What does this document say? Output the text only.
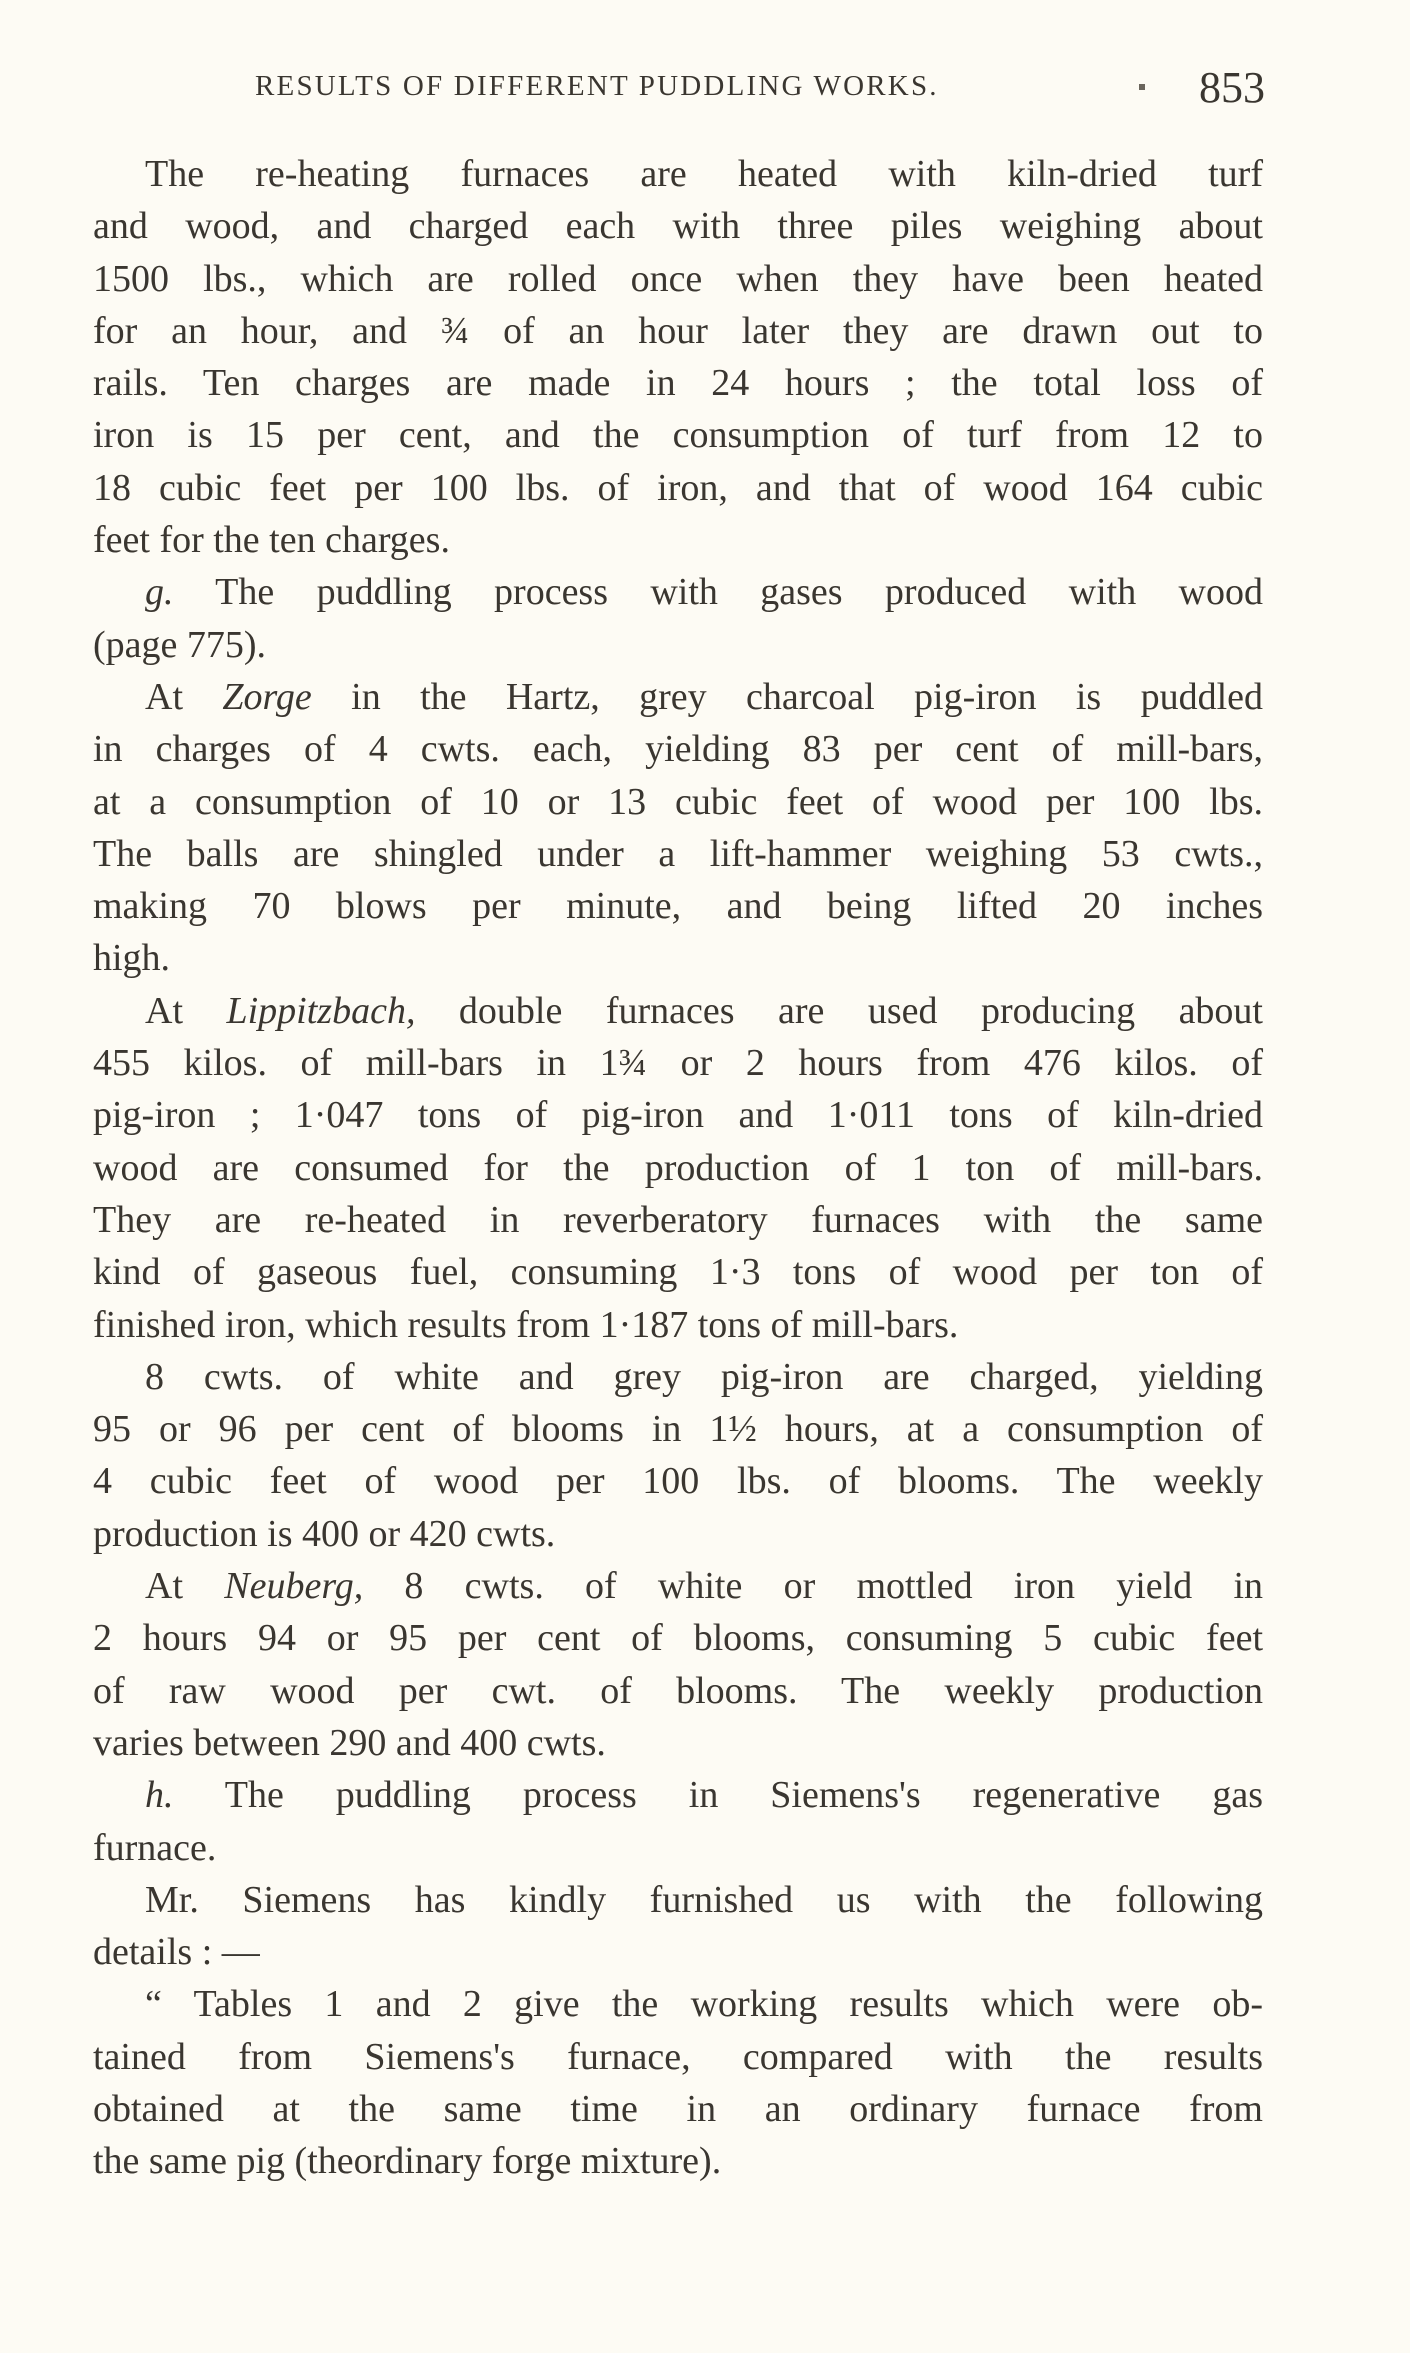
RESULTS OF DIFFERENT PUDDLING WORKS.	853
The re-heating furnaces are heated with kiln-dried turf
and wood, and charged each with three piles weighing about
1500 lbs., which are rolled once when they have been heated
for an hour, and ¾ of an hour later they are drawn out to
rails. Ten charges are made in 24 hours ; the total loss of
iron is 15 per cent, and the consumption of turf from 12 to
18 cubic feet per 100 lbs. of iron, and that of wood 164 cubic
feet for the ten charges.
g. The puddling process with gases produced with wood
(page 775).
At Zorge in the Hartz, grey charcoal pig-iron is puddled
in charges of 4 cwts. each, yielding 83 per cent of mill-bars,
at a consumption of 10 or 13 cubic feet of wood per 100 lbs.
The balls are shingled under a lift-hammer weighing 53 cwts.,
making 70 blows per minute, and being lifted 20 inches
high.
At Lippitzbach, double furnaces are used producing about
455 kilos. of mill-bars in 1¾ or 2 hours from 476 kilos. of
pig-iron ; 1·047 tons of pig-iron and 1·011 tons of kiln-dried
wood are consumed for the production of 1 ton of mill-bars.
They are re-heated in reverberatory furnaces with the same
kind of gaseous fuel, consuming 1·3 tons of wood per ton of
finished iron, which results from 1·187 tons of mill-bars.
8 cwts. of white and grey pig-iron are charged, yielding
95 or 96 per cent of blooms in 1½ hours, at a consumption of
4 cubic feet of wood per 100 lbs. of blooms. The weekly
production is 400 or 420 cwts.
At Neuberg, 8 cwts. of white or mottled iron yield in
2 hours 94 or 95 per cent of blooms, consuming 5 cubic feet
of raw wood per cwt. of blooms. The weekly production
varies between 290 and 400 cwts.
h. The puddling process in Siemens's regenerative gas
furnace.
Mr. Siemens has kindly furnished us with the following
details : —
“ Tables 1 and 2 give the working results which were ob-
tained from Siemens's furnace, compared with the results
obtained at the same time in an ordinary furnace from
the same pig (theordinary forge mixture).
